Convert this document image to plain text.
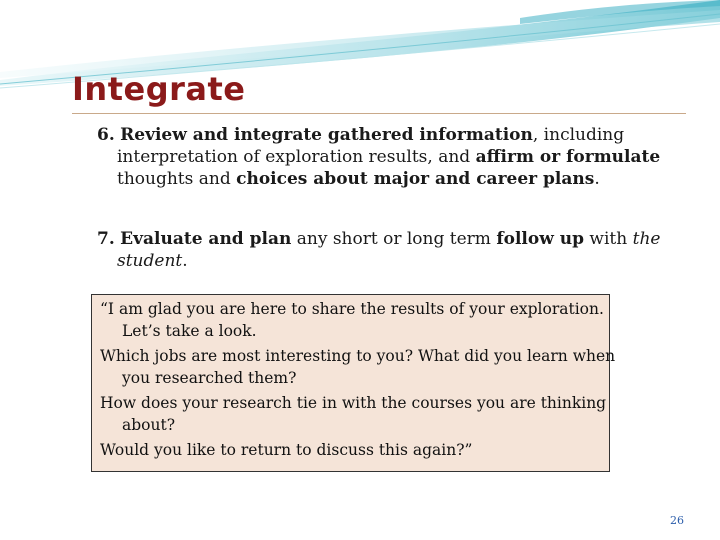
Integrate
6. Review and integrate gathered information, including interpretation of exploration results, and affirm or formulate thoughts and choices about major and career plans.
7. Evaluate and plan any short or long term follow up with the student.
“I am glad you are here to share the results of your exploration. Let’s take a look.
Which jobs are most interesting to you? What did you learn when you researched them?
How does your research tie in with the courses you are thinking about?
Would you like to return to discuss this again?”
26
